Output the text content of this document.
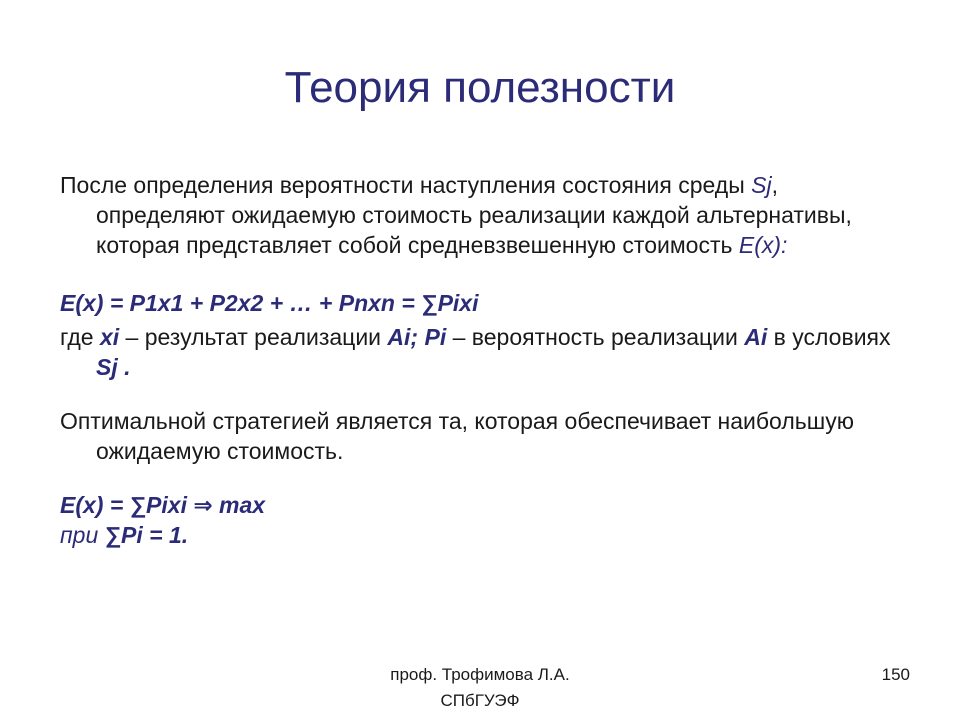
Теория полезности

После определения вероятности наступления состояния среды Sj, определяют ожидаемую стоимость реализации каждой альтернативы, которая представляет собой средневзвешенную стоимость E(x):

E(x) = P1x1 + P2x2 + … + Pnxn = ∑Pixi

где xi – результат реализации Ai; Pi – вероятность реализации Ai в условиях Sj .

Оптимальной стратегией является та, которая обеспечивает наибольшую ожидаемую стоимость.

E(x) = ∑Pixi ⇒ max

при ∑Pi = 1.

проф. Трофимова Л.А.
СПбГУЭФ
150
